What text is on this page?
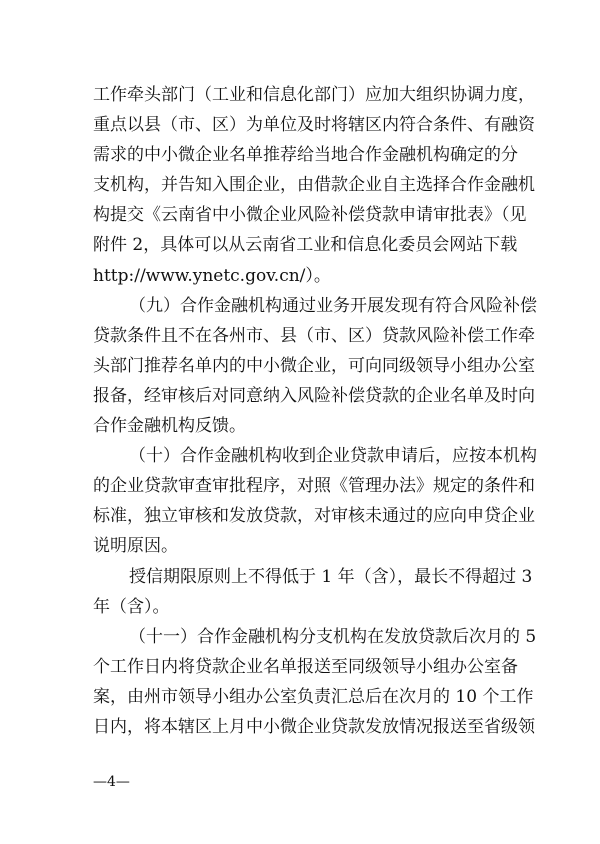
工作牵头部门（工业和信息化部门）应加大组织协调力度，
重点以县（市、区）为单位及时将辖区内符合条件、有融资
需求的中小微企业名单推荐给当地合作金融机构确定的分
支机构，并告知入围企业，由借款企业自主选择合作金融机
构提交《云南省中小微企业风险补偿贷款申请审批表》（见
附件 2，具体可以从云南省工业和信息化委员会网站下载
http://www.ynetc.gov.cn/）。
（九）合作金融机构通过业务开展发现有符合风险补偿
贷款条件且不在各州市、县（市、区）贷款风险补偿工作牵
头部门推荐名单内的中小微企业，可向同级领导小组办公室
报备，经审核后对同意纳入风险补偿贷款的企业名单及时向
合作金融机构反馈。
（十）合作金融机构收到企业贷款申请后，应按本机构
的企业贷款审查审批程序，对照《管理办法》规定的条件和
标准，独立审核和发放贷款，对审核未通过的应向申贷企业
说明原因。
授信期限原则上不得低于 1 年（含），最长不得超过 3
年（含）。
（十一）合作金融机构分支机构在发放贷款后次月的 5
个工作日内将贷款企业名单报送至同级领导小组办公室备
案，由州市领导小组办公室负责汇总后在次月的 10 个工作
日内，将本辖区上月中小微企业贷款发放情况报送至省级领
—4—
